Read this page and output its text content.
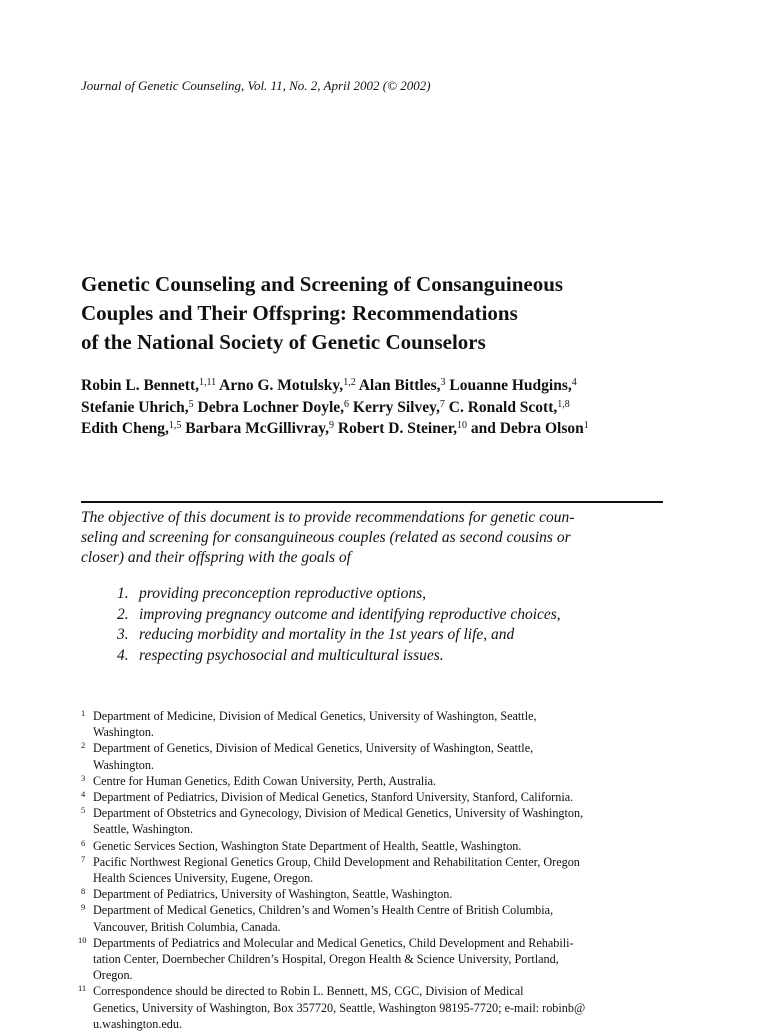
Journal of Genetic Counseling, Vol. 11, No. 2, April 2002 (© 2002)
Genetic Counseling and Screening of Consanguineous
Couples and Their Offspring: Recommendations
of the National Society of Genetic Counselors
Robin L. Bennett,$^{1,11}$ Arno G. Motulsky,$^{1,2}$ Alan Bittles,$^3$ Louanne Hudgins,$^4$
Stefanie Uhrich,$^5$ Debra Lochner Doyle,$^6$ Kerry Silvey,$^7$ C. Ronald Scott,$^{1,8}$
Edith Cheng,$^{1,5}$ Barbara McGillivray,$^9$ Robert D. Steiner,$^{10}$ and Debra Olson$^1$
The objective of this document is to provide recommendations for genetic coun-
seling and screening for consanguineous couples (related as second cousins or
closer) and their offspring with the goals of
1. providing preconception reproductive options,
2. improving pregnancy outcome and identifying reproductive choices,
3. reducing morbidity and mortality in the 1st years of life, and
4. respecting psychosocial and multicultural issues.
1 Department of Medicine, Division of Medical Genetics, University of Washington, Seattle,
Washington.
2 Department of Genetics, Division of Medical Genetics, University of Washington, Seattle,
Washington.
3 Centre for Human Genetics, Edith Cowan University, Perth, Australia.
4 Department of Pediatrics, Division of Medical Genetics, Stanford University, Stanford, California.
5 Department of Obstetrics and Gynecology, Division of Medical Genetics, University of Washington,
Seattle, Washington.
6 Genetic Services Section, Washington State Department of Health, Seattle, Washington.
7 Pacific Northwest Regional Genetics Group, Child Development and Rehabilitation Center, Oregon
Health Sciences University, Eugene, Oregon.
8 Department of Pediatrics, University of Washington, Seattle, Washington.
9 Department of Medical Genetics, Children’s and Women’s Health Centre of British Columbia,
Vancouver, British Columbia, Canada.
10 Departments of Pediatrics and Molecular and Medical Genetics, Child Development and Rehabili-
tation Center, Doernbecher Children’s Hospital, Oregon Health & Science University, Portland,
Oregon.
11 Correspondence should be directed to Robin L. Bennett, MS, CGC, Division of Medical
Genetics, University of Washington, Box 357720, Seattle, Washington 98195-7720; e-mail: robinb@
u.washington.edu.
